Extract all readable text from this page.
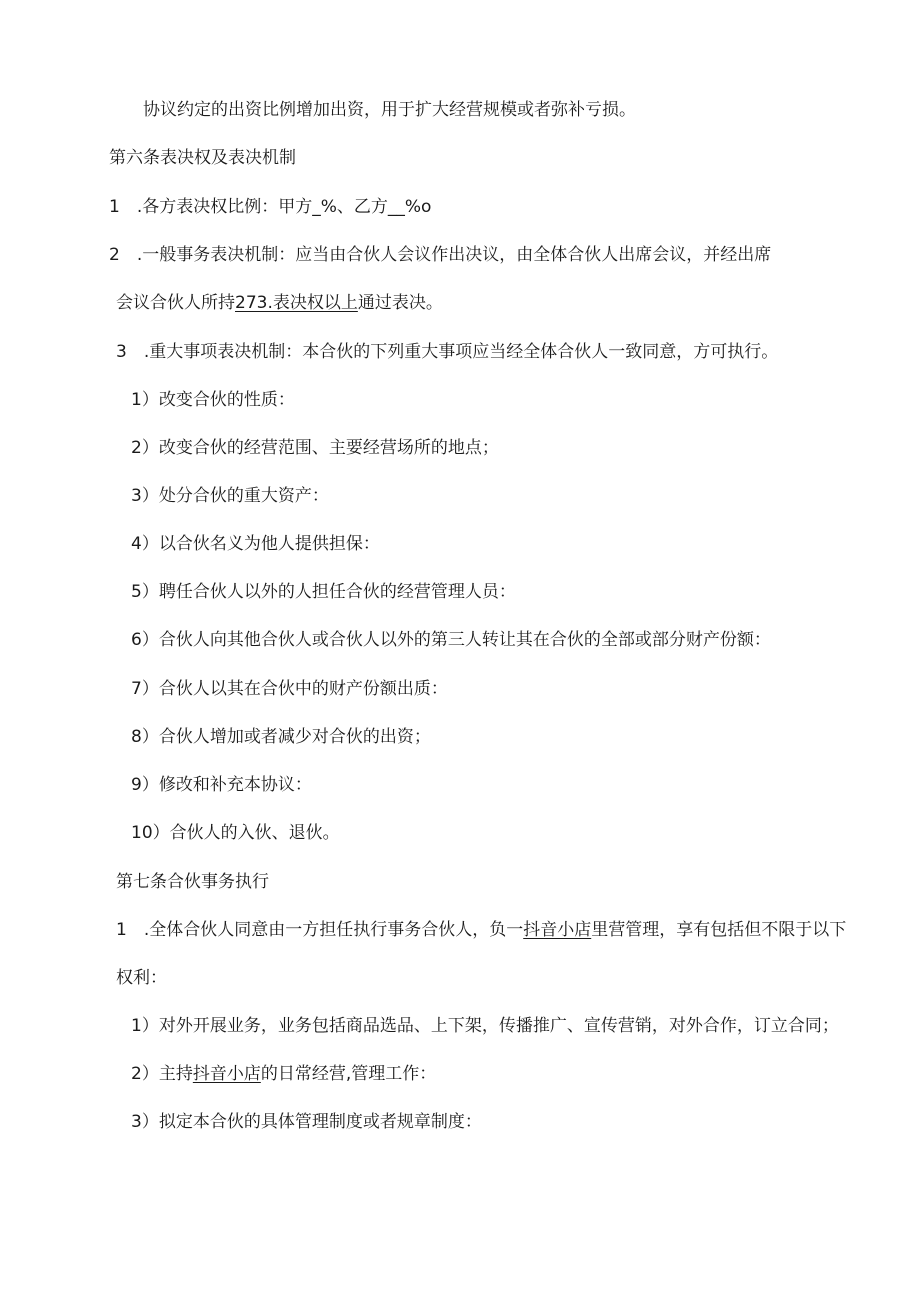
协议约定的出资比例增加出资，用于扩大经营规模或者弥补亏损。
第六条表决权及表决机制
1　.各方表决权比例：甲方_%、乙方__%o
2　.一般事务表决机制：应当由合伙人会议作出决议，由全体合伙人出席会议，并经出席
会议合伙人所持273.表决权以上通过表决。
3　.重大事项表决机制：本合伙的下列重大事项应当经全体合伙人一致同意，方可执行。
1）改变合伙的性质：
2）改变合伙的经营范围、主要经营场所的地点；
3）处分合伙的重大资产：
4）以合伙名义为他人提供担保：
5）聘任合伙人以外的人担任合伙的经营管理人员：
6）合伙人向其他合伙人或合伙人以外的第三人转让其在合伙的全部或部分财产份额：
7）合伙人以其在合伙中的财产份额出质：
8）合伙人增加或者减少对合伙的出资；
9）修改和补充本协议：
10）合伙人的入伙、退伙。
第七条合伙事务执行
1　.全体合伙人同意由一方担任执行事务合伙人，负一抖音小店里营管理，享有包括但不限于以下
权利：
1）对外开展业务，业务包括商品选品、上下架，传播推广、宣传营销，对外合作，订立合同；
2）主持抖音小店的日常经营,管理工作：
3）拟定本合伙的具体管理制度或者规章制度：
